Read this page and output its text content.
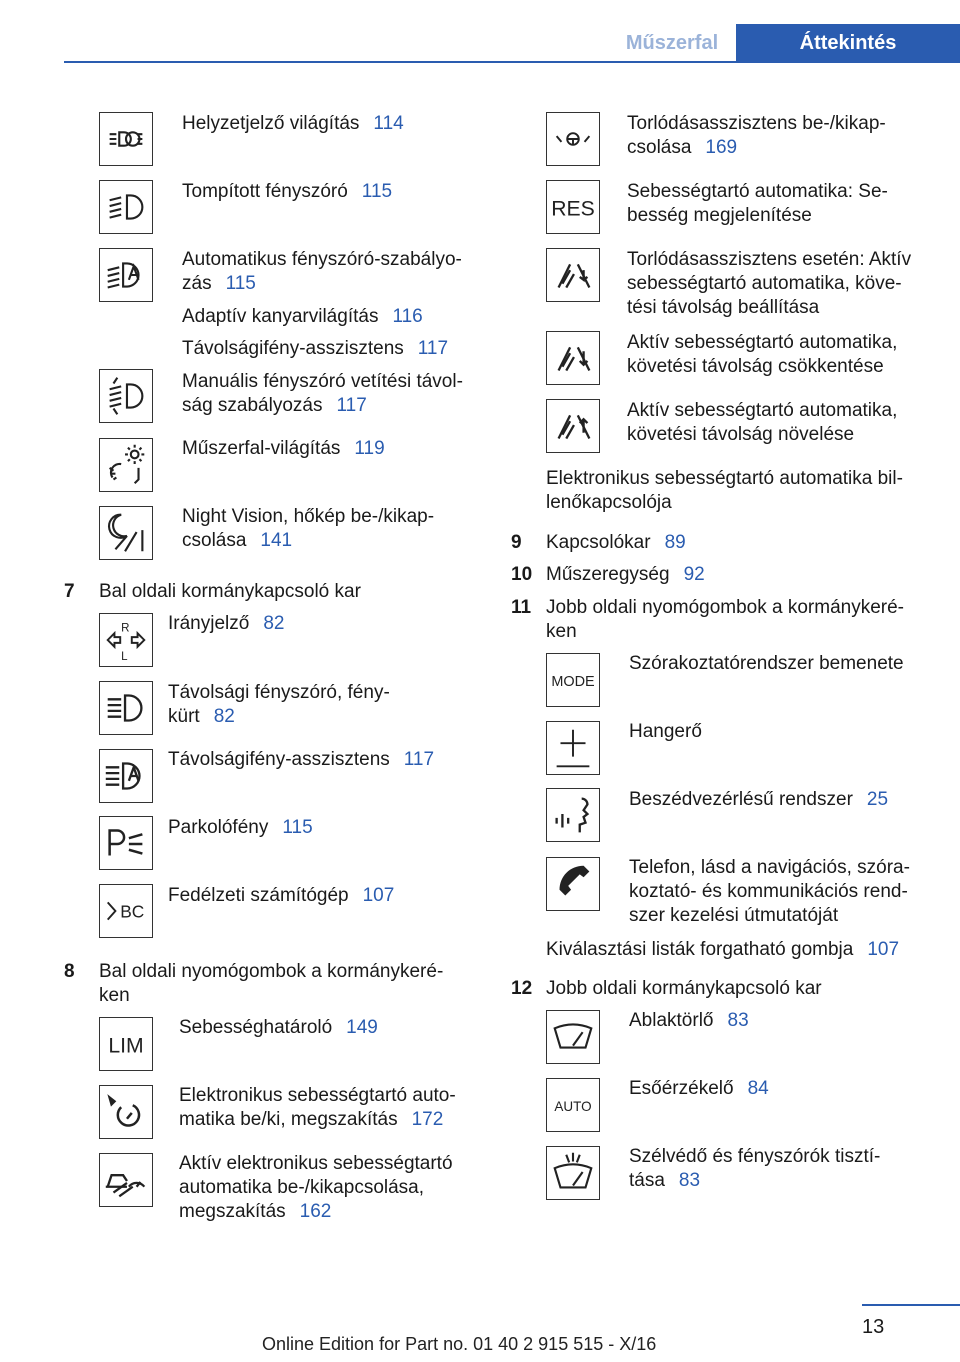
Műszerfal	Áttekintés
Helyzetjelző világítás 114
Tompított fényszóró 115
Automatikus fényszóró-szabályo-
zás 115
Adaptív kanyarvilágítás 116
Távolságifény-asszisztens 117
Manuális fényszóró vetítési távol-
ság szabályozás 117
Műszerfal-világítás 119
Night Vision, hőkép be-/kikap-
csolása 141
7 Bal oldali kormánykapcsoló kar
R
L
Irányjelző 82
Távolsági fényszóró, fény-
kürt 82
Távolságifény-asszisztens 117
Parkolófény 115
BC
Fedélzeti számítógép 107
8 Bal oldali nyomógombok a kormánykeré-
ken
LIM
Sebességhatároló 149
Elektronikus sebességtartó auto-
matika be/ki, megszakítás 172
Aktív elektronikus sebességtartó
automatika be-/kikapcsolása,
megszakítás 162
Torlódásasszisztens be-/kikap-
csolása 169
RES
Sebességtartó automatika: Se-
besség megjelenítése
Torlódásasszisztens esetén: Aktív
sebességtartó automatika, köve-
tési távolság beállítása
Aktív sebességtartó automatika,
követési távolság csökkentése
Aktív sebességtartó automatika,
követési távolság növelése
Elektronikus sebességtartó automatika bil-
lenőkapcsolója
9 Kapcsolókar 89
10 Műszeregység 92
11 Jobb oldali nyomógombok a kormánykeré-
ken
MODE
Szórakoztatórendszer bemenete
Hangerő
Beszédvezérlésű rendszer 25
Telefon, lásd a navigációs, szóra-
koztató- és kommunikációs rend-
szer kezelési útmutatóját
Kiválasztási listák forgatható gombja 107
12 Jobb oldali kormánykapcsoló kar
Ablaktörlő 83
AUTO
Esőérzékelő 84
Szélvédő és fényszórók tisztí-
tása 83
13
Online Edition for Part no. 01 40 2 915 515 - X/16
